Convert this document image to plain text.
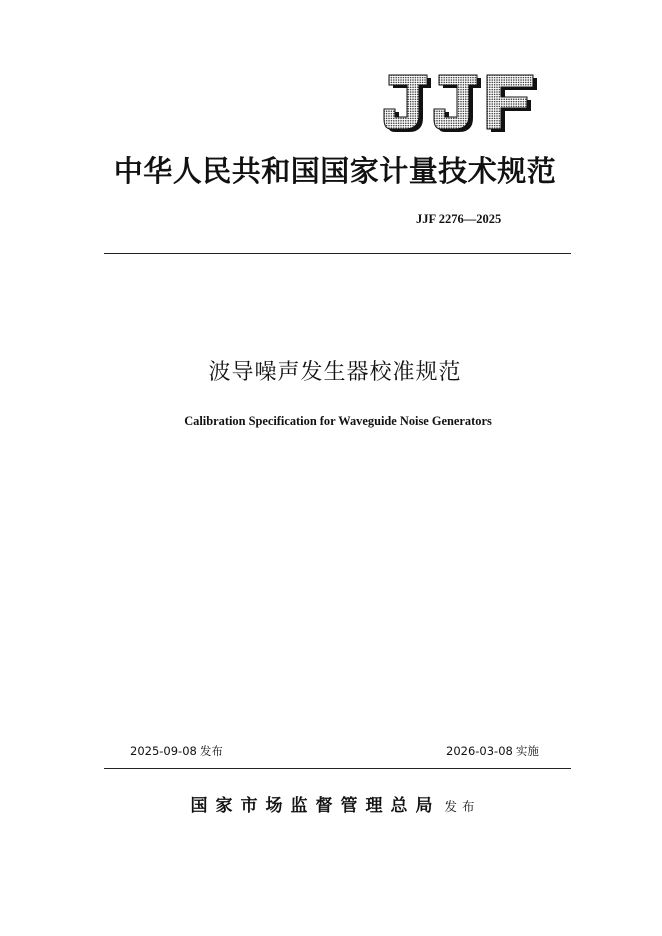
中华人民共和国国家计量技术规范
JJF 2276—2025
波导噪声发生器校准规范
Calibration Specification for Waveguide Noise Generators
2025-09-08 发布	2026-03-08 实施
国家市场监督管理总局 发布
